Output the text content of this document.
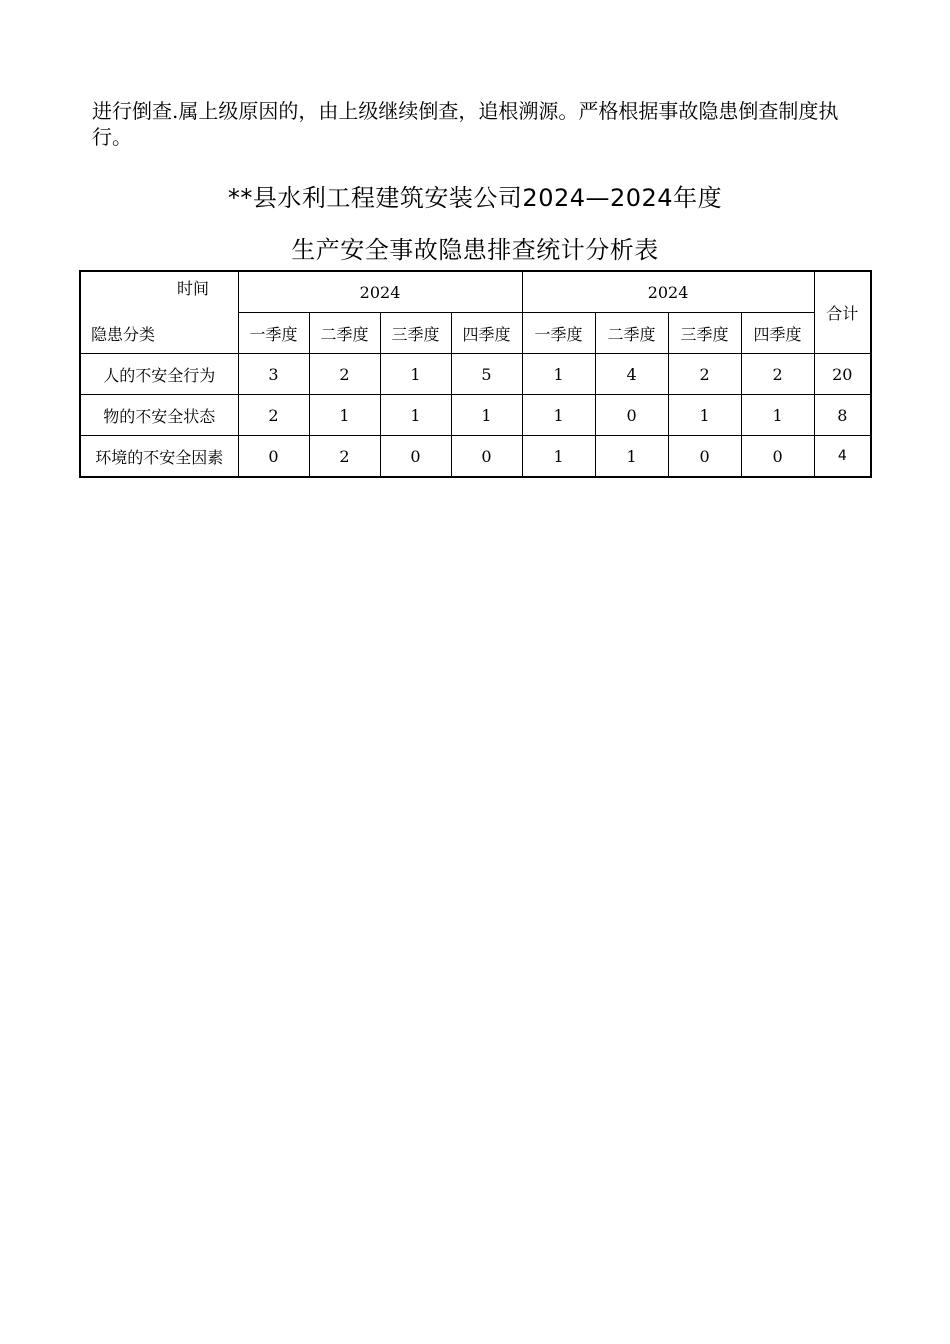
进行倒查.属上级原因的，由上级继续倒查，追根溯源。严格根据事故隐患倒查制度执行。

**县水利工程建筑安装公司2024—2024年度
生产安全事故隐患排查统计分析表
时间
隐患分类	2024				2024				合计
	一季度	二季度	三季度	四季度	一季度	二季度	三季度	四季度	
人的不安全行为	3	2	1	5	1	4	2	2	20
物的不安全状态	2	1	1	1	1	0	1	1	8
环境的不安全因素	0	2	0	0	1	1	0	0	4
